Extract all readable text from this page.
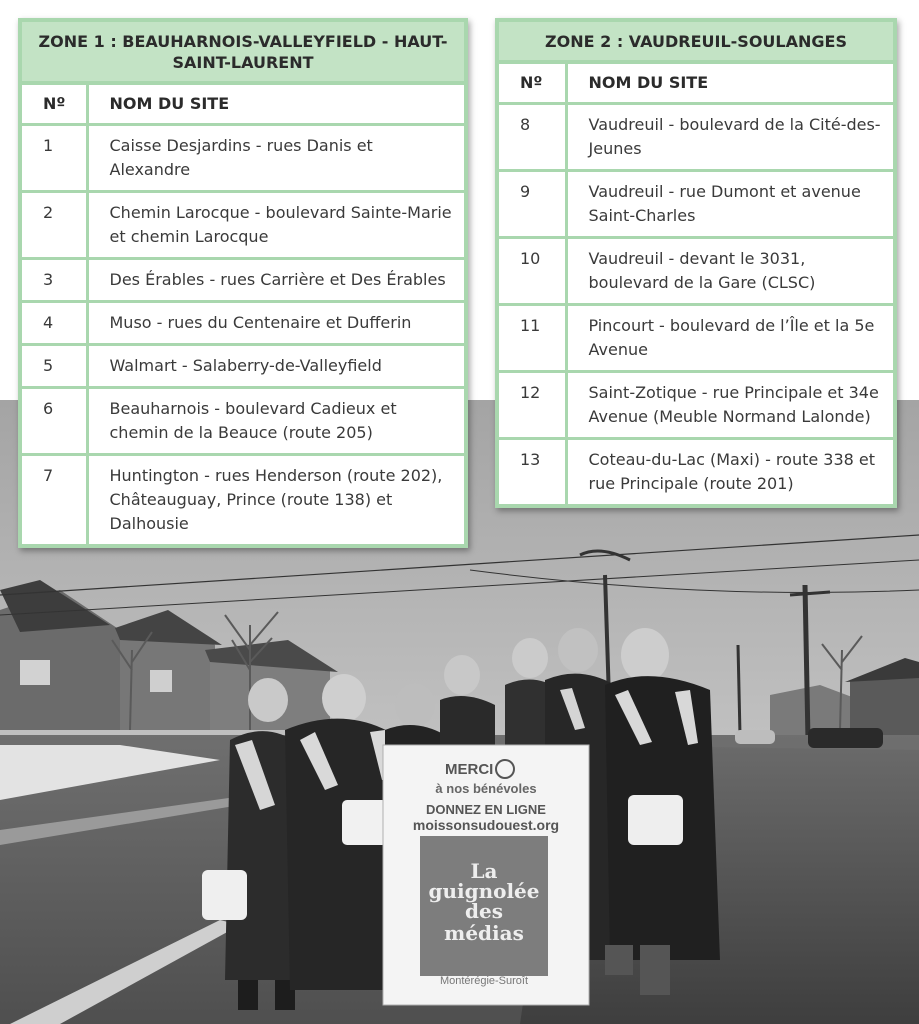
MERCI
à nos bénévoles
DONNEZ EN LIGNE
moissonsudouest.org
La
guignolée
des
médias
Montérégie-Suroît
ZONE 1 : BEAUHARNOIS-VALLEYFIELD - HAUT-SAINT-LAURENT
Nº	NOM DU SITE
1	Caisse Desjardins - rues Danis et Alexandre
2	Chemin Larocque - boulevard Sainte-Marie et chemin Larocque
3	Des Érables - rues Carrière et Des Érables
4	Muso - rues du Centenaire et Dufferin
5	Walmart - Salaberry-de-Valleyfield
6	Beauharnois - boulevard Cadieux et chemin de la Beauce (route 205)
7	Huntington - rues Henderson (route 202), Châteauguay, Prince (route 138) et Dalhousie
ZONE 2 : VAUDREUIL-SOULANGES
Nº	NOM DU SITE
8	Vaudreuil - boulevard de la Cité-des-Jeunes
9	Vaudreuil - rue Dumont et avenue Saint-Charles
10	Vaudreuil - devant le 3031, boulevard de la Gare (CLSC)
11	Pincourt - boulevard de l’Île et la 5e Avenue
12	Saint-Zotique - rue Principale et 34e Avenue (Meuble Normand Lalonde)
13	Coteau-du-Lac (Maxi) - route 338 et rue Principale (route 201)
